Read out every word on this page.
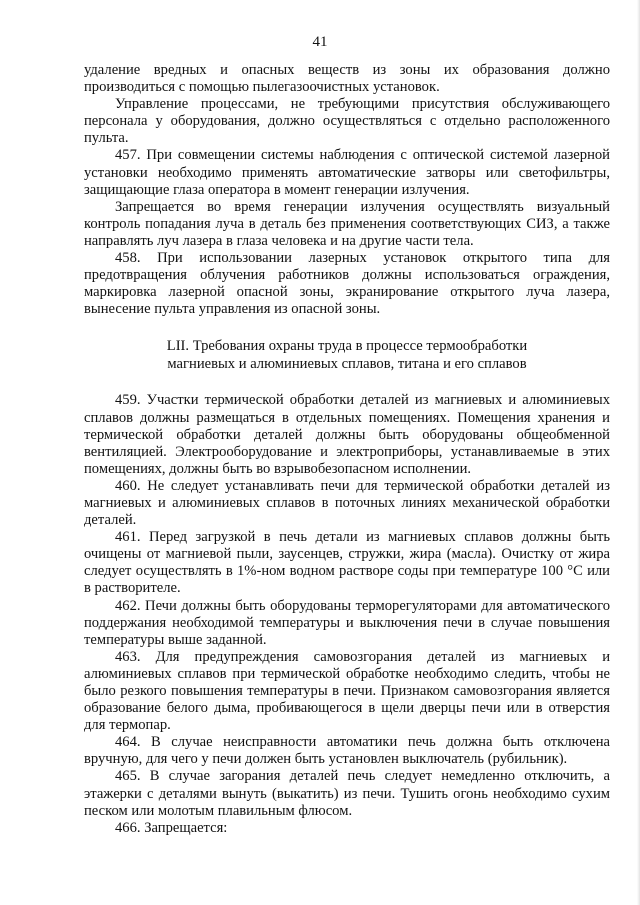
41

удаление вредных и опасных веществ из зоны их образования должно производиться с помощью пылегазоочистных установок.

Управление процессами, не требующими присутствия обслуживающего персонала у оборудования, должно осуществляться с отдельно расположенного пульта.

457. При совмещении системы наблюдения с оптической системой лазерной установки необходимо применять автоматические затворы или светофильтры, защищающие глаза оператора в момент генерации излучения.

Запрещается во время генерации излучения осуществлять визуальный контроль попадания луча в деталь без применения соответствующих СИЗ, а также направлять луч лазера в глаза человека и на другие части тела.

458. При использовании лазерных установок открытого типа для предотвращения облучения работников должны использоваться ограждения, маркировка лазерной опасной зоны, экранирование открытого луча лазера, вынесение пульта управления из опасной зоны.

LII. Требования охраны труда в процессе термообработки
магниевых и алюминиевых сплавов, титана и его сплавов

459. Участки термической обработки деталей из магниевых и алюминиевых сплавов должны размещаться в отдельных помещениях. Помещения хранения и термической обработки деталей должны быть оборудованы общеобменной вентиляцией. Электрооборудование и электроприборы, устанавливаемые в этих помещениях, должны быть во взрывобезопасном исполнении.

460. Не следует устанавливать печи для термической обработки деталей из магниевых и алюминиевых сплавов в поточных линиях механической обработки деталей.

461. Перед загрузкой в печь детали из магниевых сплавов должны быть очищены от магниевой пыли, заусенцев, стружки, жира (масла). Очистку от жира следует осуществлять в 1%-ном водном растворе соды при температуре 100 °С или в растворителе.

462. Печи должны быть оборудованы терморегуляторами для автоматического поддержания необходимой температуры и выключения печи в случае повышения температуры выше заданной.

463. Для предупреждения самовозгорания деталей из магниевых и алюминиевых сплавов при термической обработке необходимо следить, чтобы не было резкого повышения температуры в печи. Признаком самовозгорания является образование белого дыма, пробивающегося в щели дверцы печи или в отверстия для термопар.

464. В случае неисправности автоматики печь должна быть отключена вручную, для чего у печи должен быть установлен выключатель (рубильник).

465. В случае загорания деталей печь следует немедленно отключить, а этажерки с деталями вынуть (выкатить) из печи. Тушить огонь необходимо сухим песком или молотым плавильным флюсом.

466. Запрещается:
